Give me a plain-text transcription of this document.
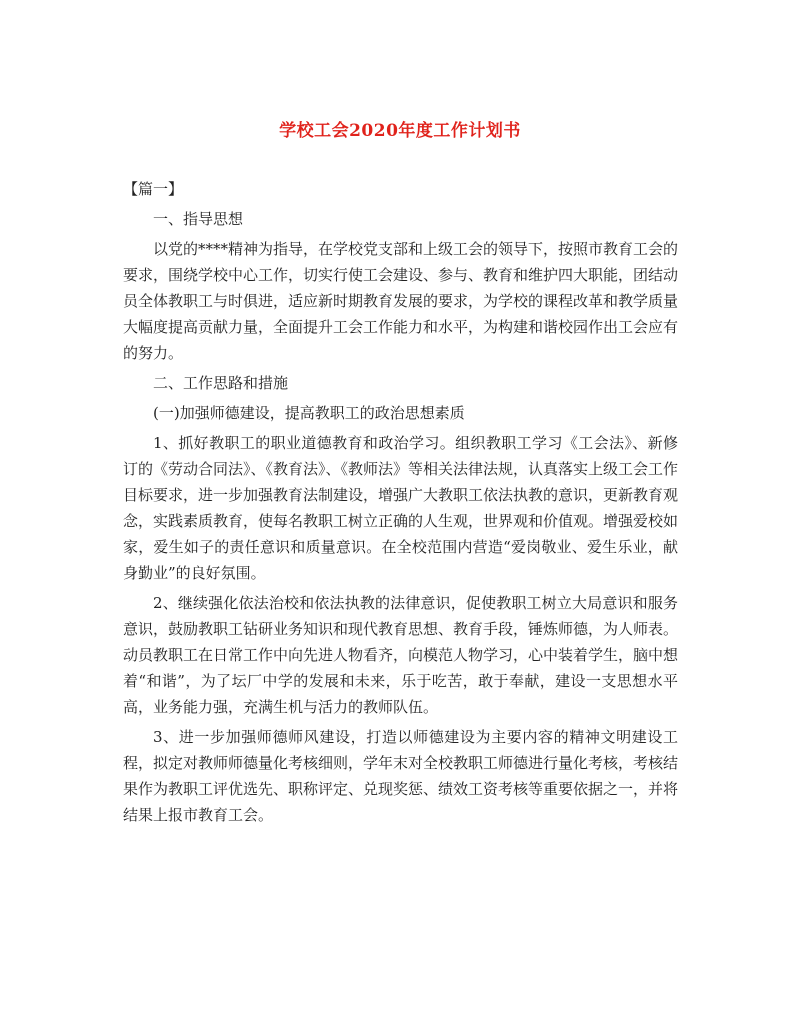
学校工会2020年度工作计划书

【篇一】

一、指导思想

以党的****精神为指导，在学校党支部和上级工会的领导下，按照市教育工会的要求，围绕学校中心工作，切实行使工会建设、参与、教育和维护四大职能，团结动员全体教职工与时俱进，适应新时期教育发展的要求，为学校的课程改革和教学质量大幅度提高贡献力量，全面提升工会工作能力和水平，为构建和谐校园作出工会应有的努力。

二、工作思路和措施

(一)加强师德建设，提高教职工的政治思想素质

1、抓好教职工的职业道德教育和政治学习。组织教职工学习《工会法》、新修订的《劳动合同法》、《教育法》、《教师法》等相关法律法规，认真落实上级工会工作目标要求，进一步加强教育法制建设，增强广大教职工依法执教的意识，更新教育观念，实践素质教育，使每名教职工树立正确的人生观，世界观和价值观。增强爱校如家，爱生如子的责任意识和质量意识。在全校范围内营造“爱岗敬业、爱生乐业，献身勤业”的良好氛围。

2、继续强化依法治校和依法执教的法律意识，促使教职工树立大局意识和服务意识，鼓励教职工钻研业务知识和现代教育思想、教育手段，锤炼师德，为人师表。动员教职工在日常工作中向先进人物看齐，向模范人物学习，心中装着学生，脑中想着“和谐”，为了坛厂中学的发展和未来，乐于吃苦，敢于奉献，建设一支思想水平高，业务能力强，充满生机与活力的教师队伍。

3、进一步加强师德师风建设，打造以师德建设为主要内容的精神文明建设工程，拟定对教师师德量化考核细则，学年末对全校教职工师德进行量化考核，考核结果作为教职工评优选先、职称评定、兑现奖惩、绩效工资考核等重要依据之一，并将结果上报市教育工会。
